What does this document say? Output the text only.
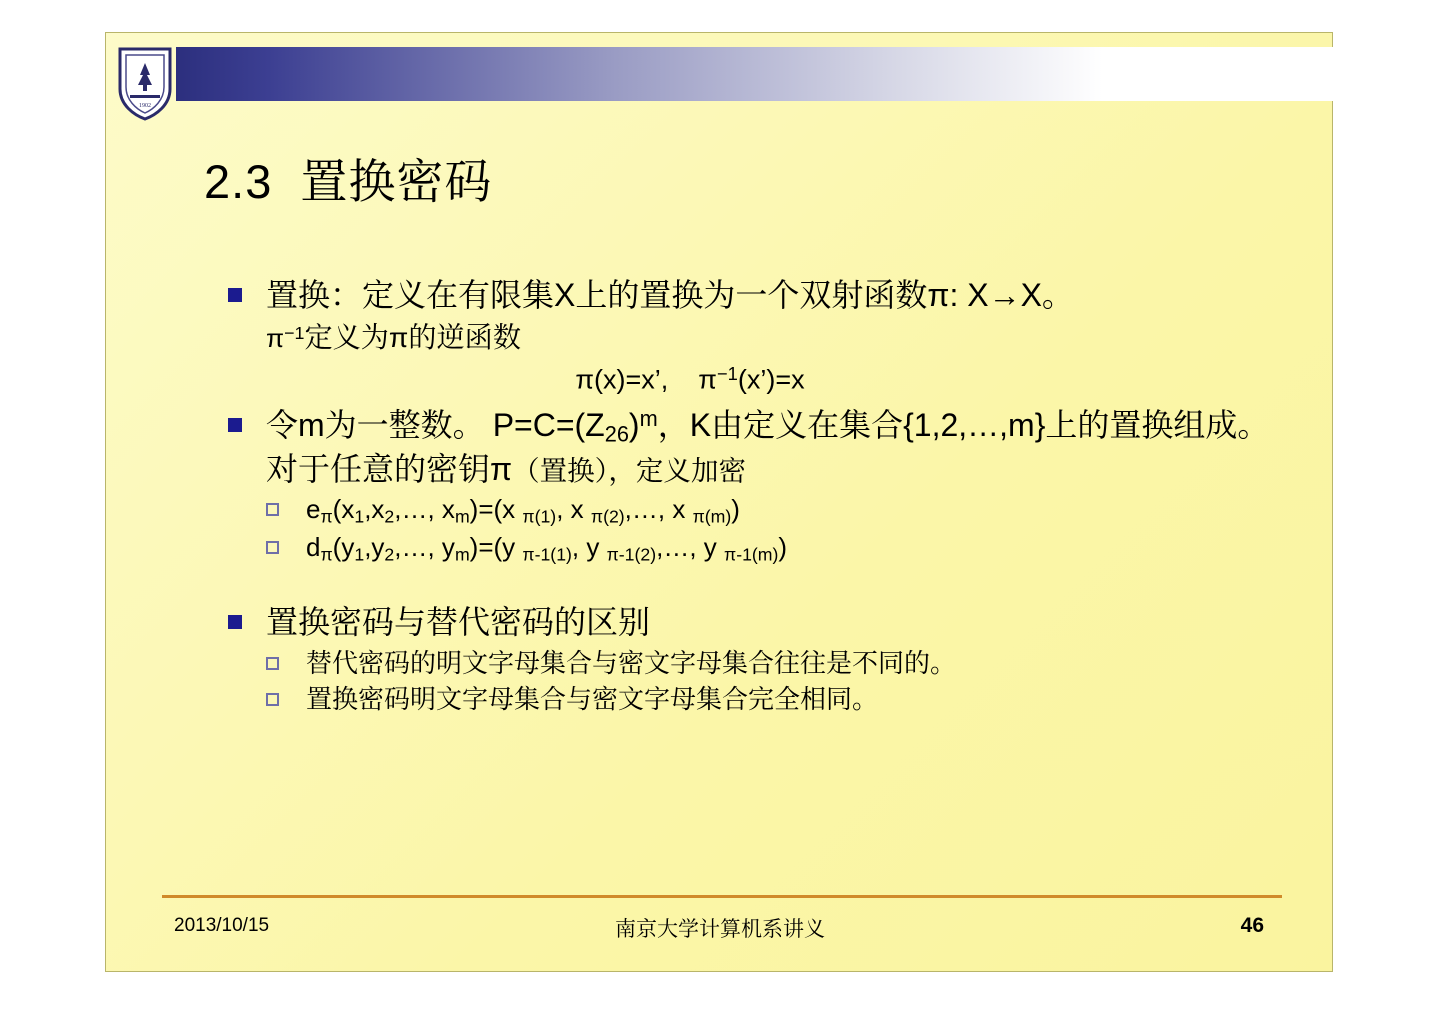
1902
2.3 置换密码
置换：定义在有限集X上的置换为一个双射函数π: X→X。
$\pi^{-1}$定义为π的逆函数
π(x)=x’,    $\pi^{-1}(x’)=x$
令m为一整数。 $P=C=(Z_{26})^m$，K由定义在集合{1,2,…,m}上的置换组成。对于任意的密钥π（置换），定义加密
$e_\pi(x_1,x_2,\dots$, $x_m)=(x$ $_{\pi(1)}$, x $_{\pi(2)}$,…, x $_{\pi(m)}$)
$d_\pi(y_1,y_2,\dots$, $y_m)=(y$ $_{\pi-1(1)}$, y $_{\pi-1(2)}$,…, y $_{\pi-1(m)}$)
置换密码与替代密码的区别
替代密码的明文字母集合与密文字母集合往往是不同的。
置换密码明文字母集合与密文字母集合完全相同。
2013/10/15	南京大学计算机系讲义	46
